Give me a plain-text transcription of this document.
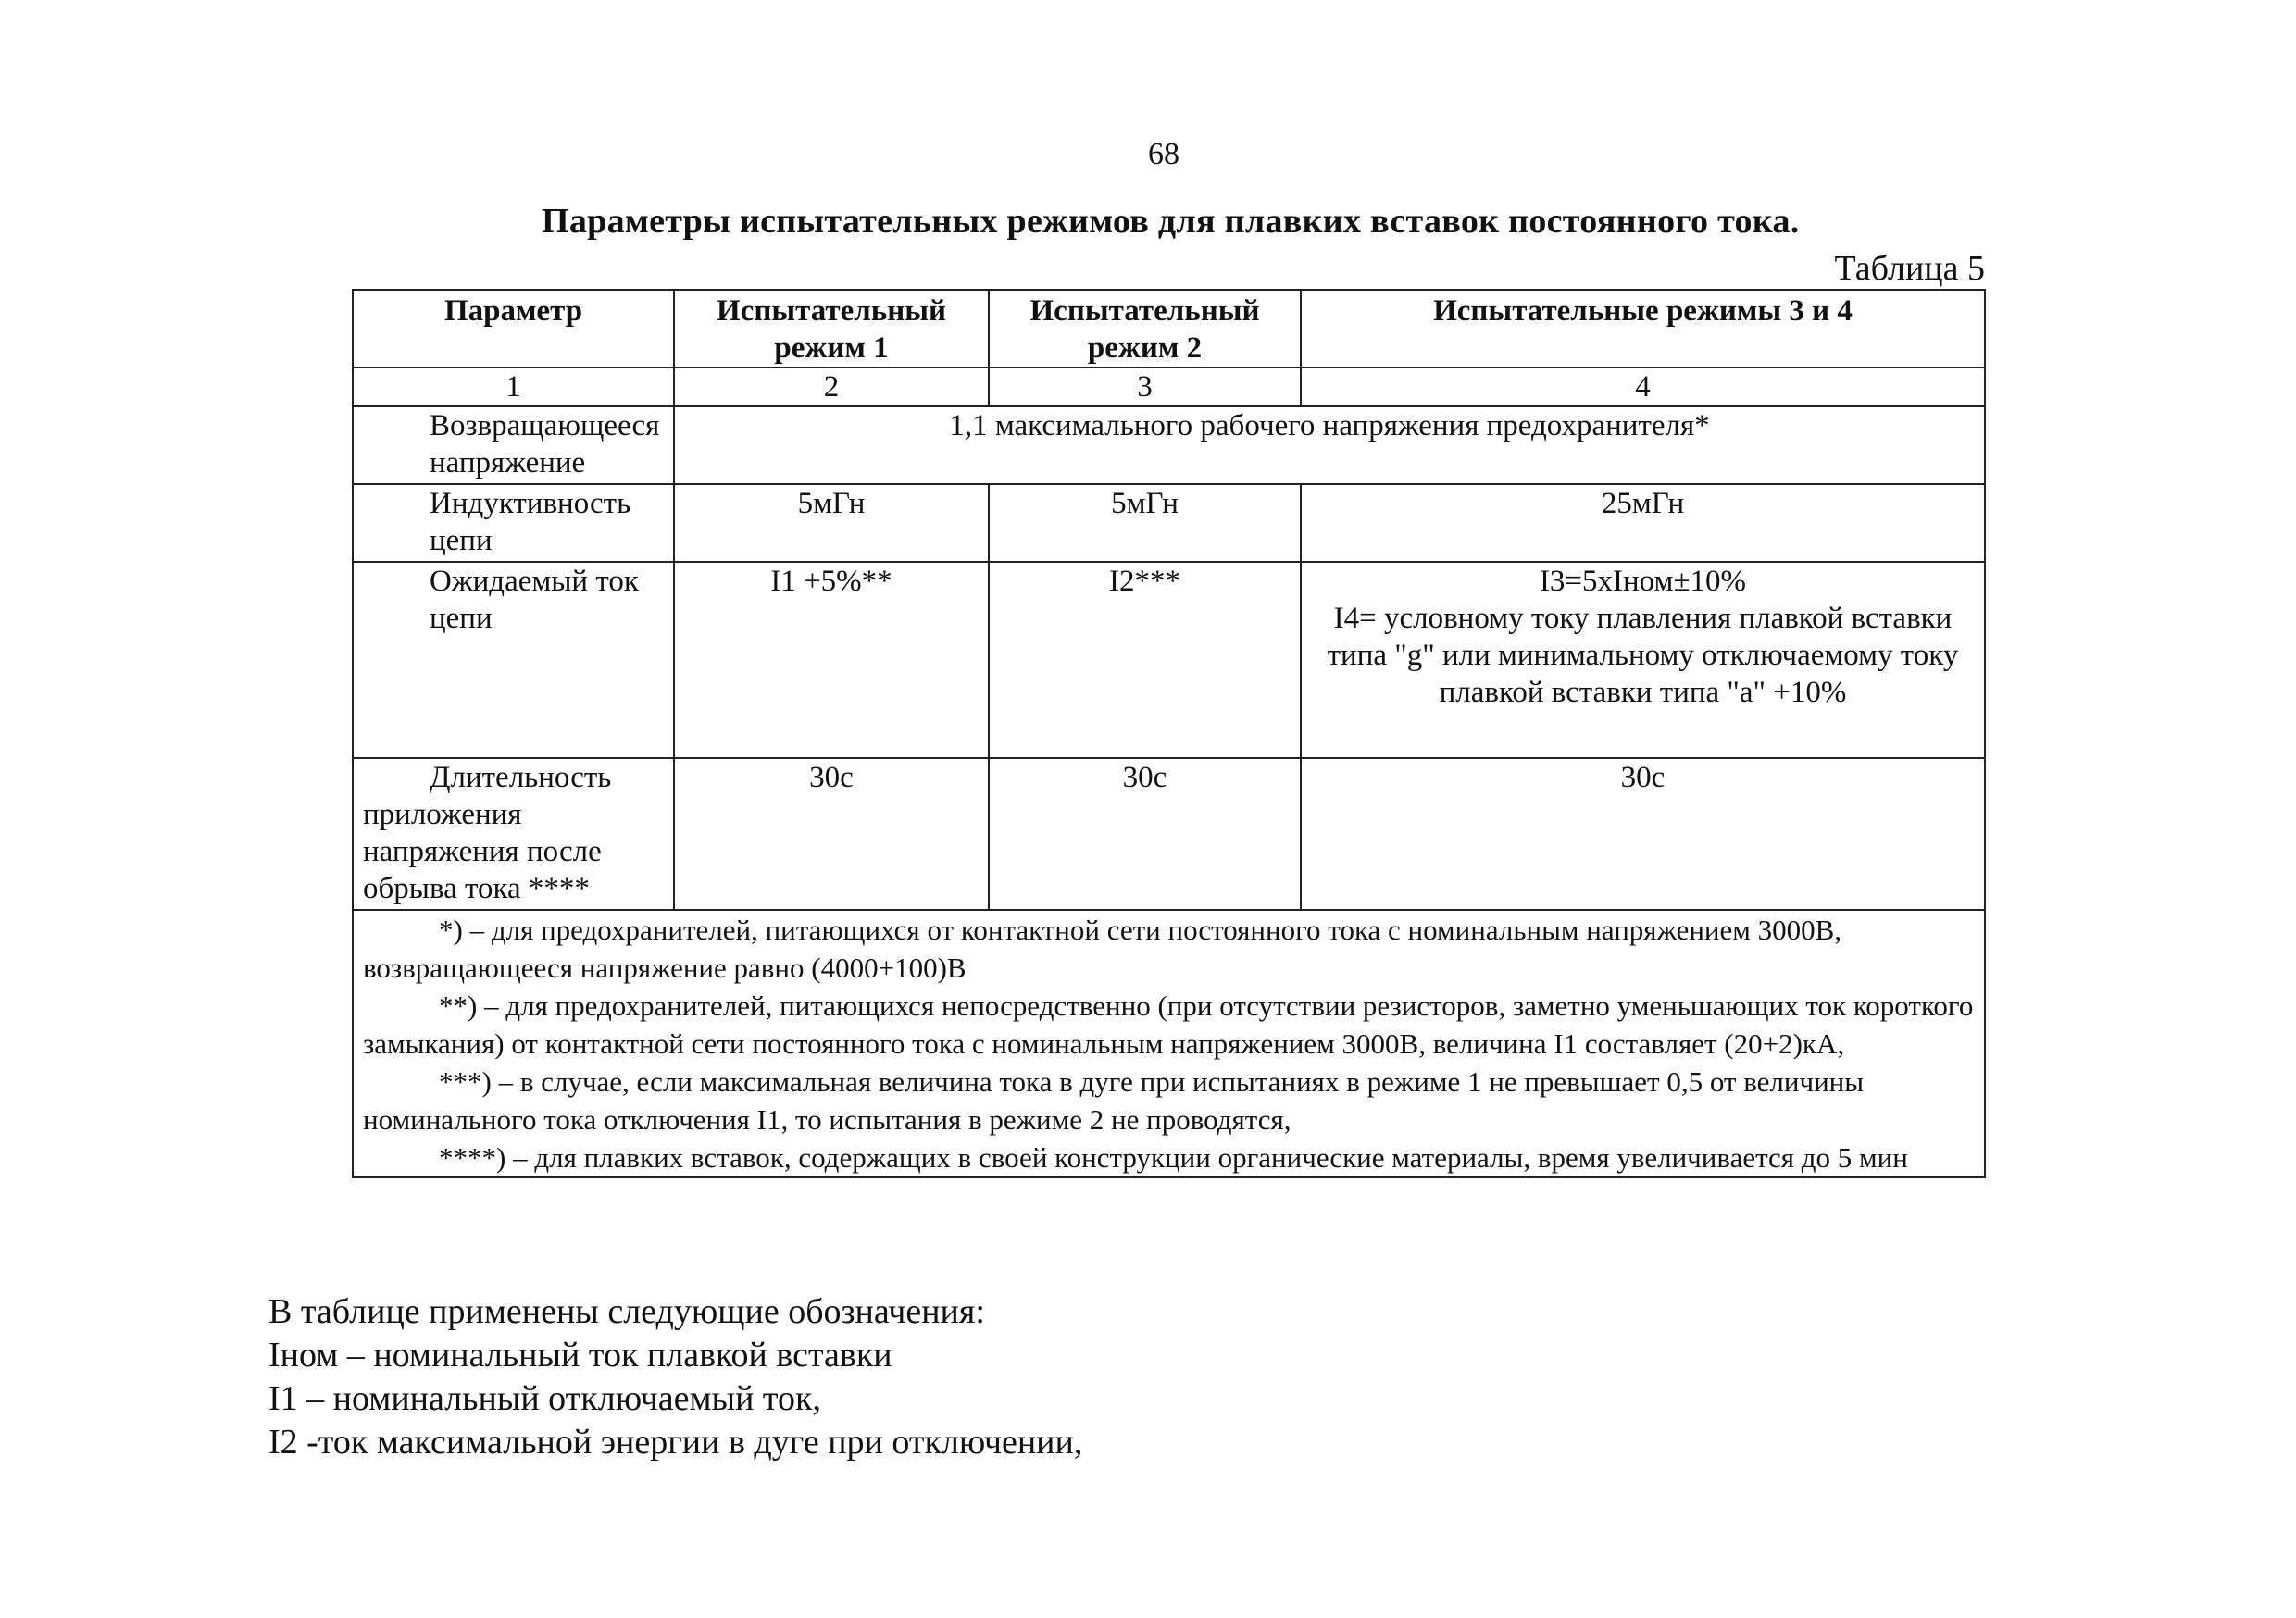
68
Параметры испытательных режимов для плавких вставок постоянного тока.
Таблица 5
Параметр	Испытательный режим 1	Испытательный режим 2	Испытательные режимы 3 и 4
1	2	3	4

Возвращающееся напряжение	1,1 максимального рабочего напряжения предохранителя*		

Индуктивность цепи	5мГн	5мГн	25мГн

Ожидаемый ток цепи	I1 +5%**	I2***	I3=5xIном±10%
I4= условному току плавления плавкой вставки типа "g" или минимальному отключаемому току плавкой вставки типа "a" +10%

Длительность приложения напряжения после обрыва тока ****	30с	30с	30с

*) – для предохранителей, питающихся от контактной сети постоянного тока с номинальным напряжением 3000В, возвращающееся напряжение равно (4000+100)В

**) – для предохранителей, питающихся непосредственно (при отсутствии резисторов, заметно уменьшающих ток короткого замыкания) от контактной сети постоянного тока с номинальным напряжением 3000В, величина I1 составляет (20+2)кА,

***) – в случае, если максимальная величина тока в дуге при испытаниях в режиме 1 не превышает 0,5 от величины номинального тока отключения I1, то испытания в режиме 2 не проводятся,

****) – для плавких вставок, содержащих в своей конструкции органические материалы, время увеличивается до 5 мин			

В таблице применены следующие обозначения:

Iном – номинальный ток плавкой вставки

I1 – номинальный отключаемый ток,

I2 -ток максимальной энергии в дуге при отключении,
